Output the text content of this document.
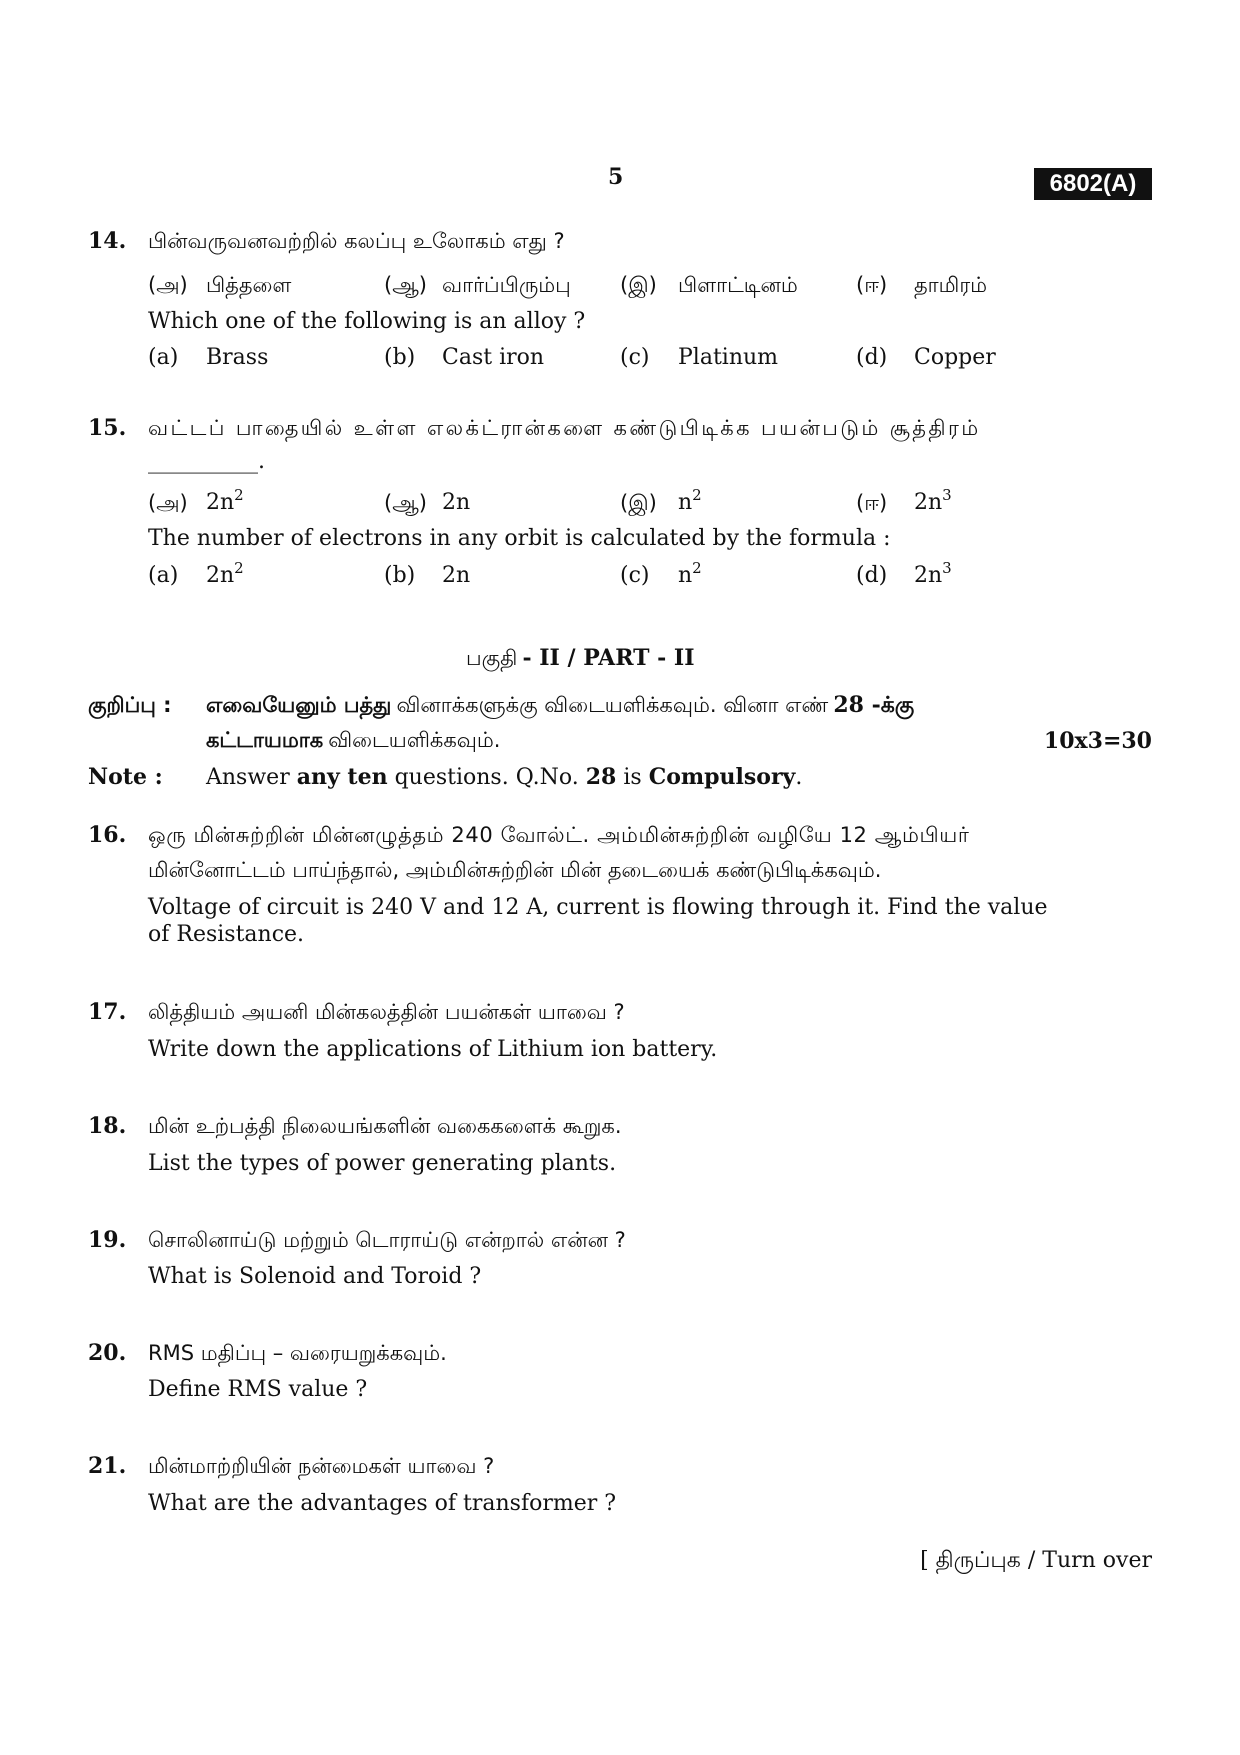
5	6802(A)
14. பின்வருவனவற்றில் கலப்பு உலோகம் எது ?
(அ) பித்தளை	(ஆ) வார்ப்பிரும்பு (இ) பிளாட்டினம்	(ஈ) தாமிரம்
Which one of the following is an alloy ?
(a) Brass	(b) Cast iron	(c) Platinum	(d) Copper
15. வட்டப் பாதையில் உள்ள எலக்ட்ரான்களை கண்டுபிடிக்க பயன்படும் சூத்திரம்
__________.
(அ) $2n^2$	(ஆ) 2n	(இ) $n^2$	(ஈ) $2n^3$
The number of electrons in any orbit is calculated by the formula :
(a) $2n^2$	(b) 2n	(c) $n^2$	(d) $2n^3$
பகுதி - II / PART - II
குறிப்பு : எவையேனும் பத்து வினாக்களுக்கு விடையளிக்கவும். வினா எண் 28 -க்கு
கட்டாயமாக விடையளிக்கவும்.	10x3=30
Note : Answer any ten questions. Q.No. 28 is Compulsory.
16. ஒரு மின்சுற்றின் மின்னழுத்தம் 240 வோல்ட். அம்மின்சுற்றின் வழியே 12 ஆம்பியர்
மின்னோட்டம் பாய்ந்தால், அம்மின்சுற்றின் மின் தடையைக் கண்டுபிடிக்கவும்.
Voltage of circuit is 240 V and 12 A, current is flowing through it. Find the value
of Resistance.
17. லித்தியம் அயனி மின்கலத்தின் பயன்கள் யாவை ?
Write down the applications of Lithium ion battery.
18. மின் உற்பத்தி நிலையங்களின் வகைகளைக் கூறுக.
List the types of power generating plants.
19. சொலினாய்டு மற்றும் டொராய்டு என்றால் என்ன ?
What is Solenoid and Toroid ?
20. RMS மதிப்பு – வரையறுக்கவும்.
Define RMS value ?
21. மின்மாற்றியின் நன்மைகள் யாவை ?
What are the advantages of transformer ?
[ திருப்புக / Turn over
